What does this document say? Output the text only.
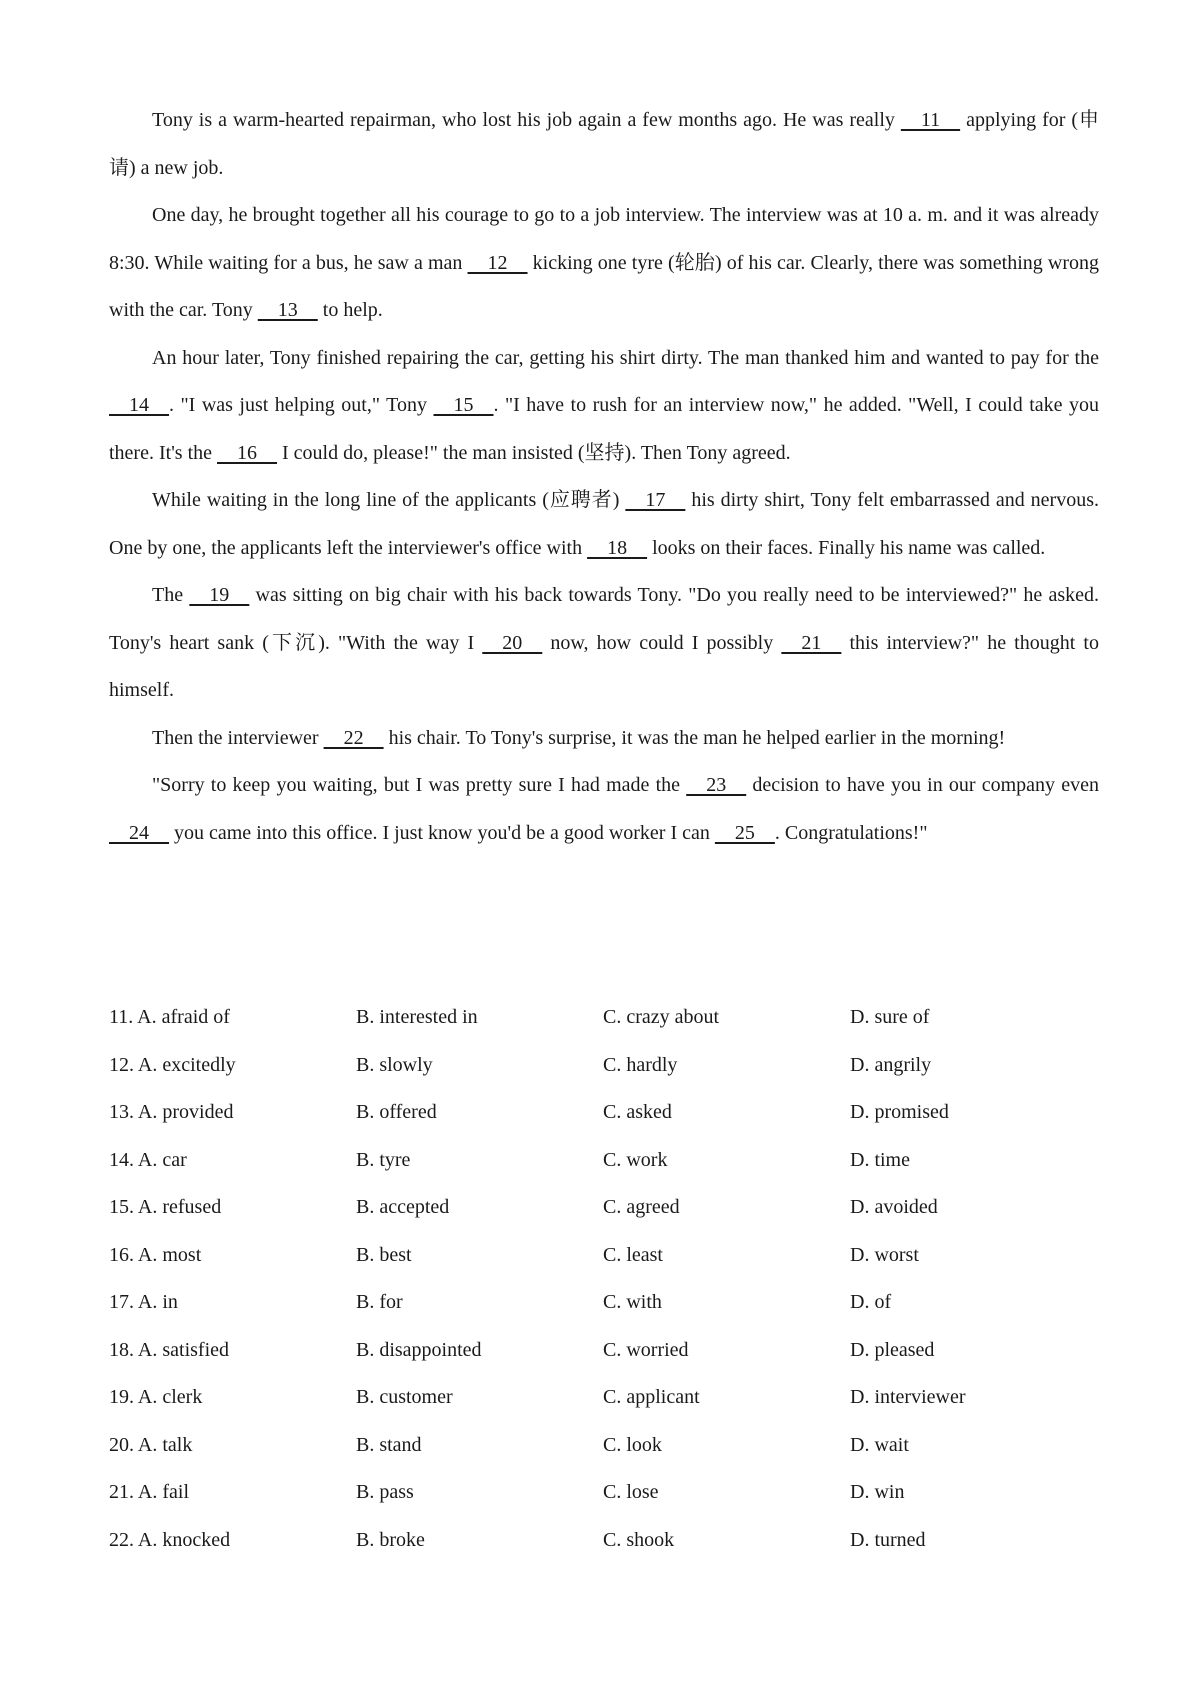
Tony is a warm-hearted repairman, who lost his job again a few months ago. He was really   11   applying for (申请) a new job.

One day, he brought together all his courage to go to a job interview. The interview was at 10 a. m. and it was already 8:30. While waiting for a bus, he saw a man   12   kicking one tyre (轮胎) of his car. Clearly, there was something wrong with the car. Tony   13   to help.

An hour later, Tony finished repairing the car, getting his shirt dirty. The man thanked him and wanted to pay for the   14  . "I was just helping out," Tony   15  . "I have to rush for an interview now," he added. "Well, I could take you there. It's the   16   I could do, please!" the man insisted (坚持). Then Tony agreed.

While waiting in the long line of the applicants (应聘者)   17   his dirty shirt, Tony felt embarrassed and nervous. One by one, the applicants left the interviewer's office with   18   looks on their faces. Finally his name was called.

The   19   was sitting on big chair with his back towards Tony. "Do you really need to be interviewed?" he asked. Tony's heart sank (下沉). "With the way I   20   now, how could I possibly   21   this interview?" he thought to himself.

Then the interviewer   22   his chair. To Tony's surprise, it was the man he helped earlier in the morning!

"Sorry to keep you waiting, but I was pretty sure I had made the   23   decision to have you in our company even   24   you came into this office. I just know you'd be a good worker I can   25  . Congratulations!"

11. A. afraid of	B. interested in	C. crazy about	D. sure of
12. A. excitedly	B. slowly	C. hardly	D. angrily
13. A. provided	B. offered	C. asked	D. promised
14. A. car	B. tyre	C. work	D. time
15. A. refused	B. accepted	C. agreed	D. avoided
16. A. most	B. best	C. least	D. worst
17. A. in	B. for	C. with	D. of
18. A. satisfied	B. disappointed	C. worried	D. pleased
19. A. clerk	B. customer	C. applicant	D. interviewer
20. A. talk	B. stand	C. look	D. wait
21. A. fail	B. pass	C. lose	D. win
22. A. knocked	B. broke	C. shook	D. turned
